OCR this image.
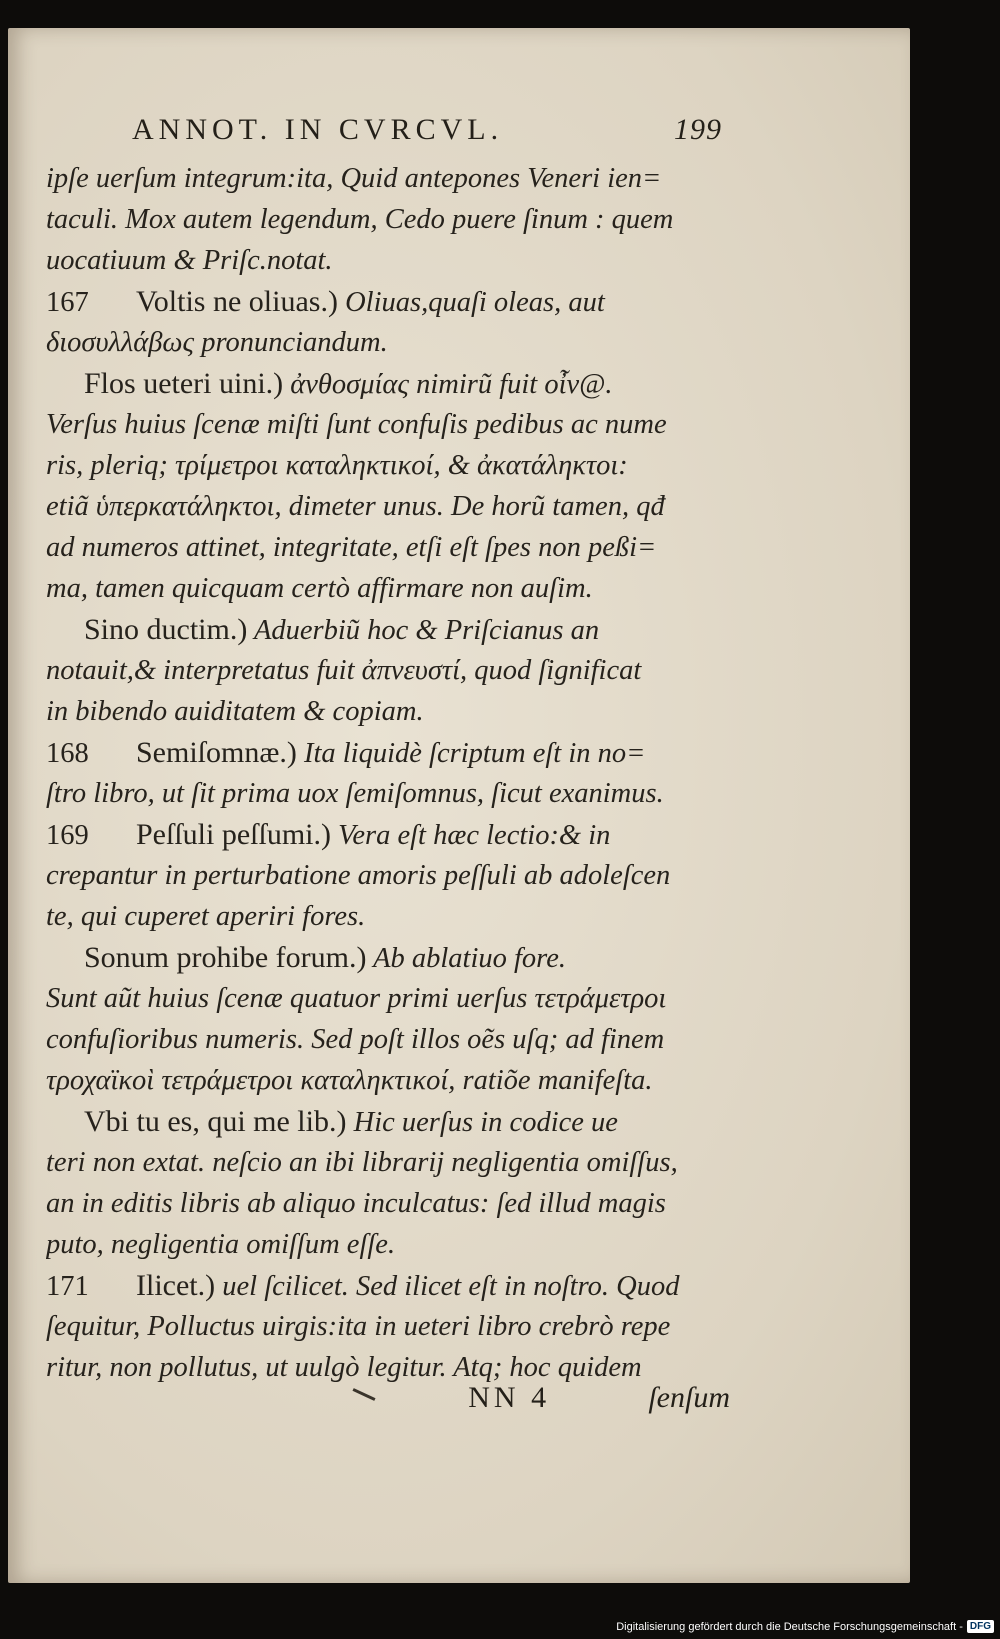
ANNOT. IN CVRCVL.	199
ipſe uerſum integrum:ita, Quid antepones Veneri ien=
taculi. Mox autem legendum, Cedo puere ſinum : quem
uocatiuum & Priſc.notat.
167 Voltis ne oliuas.) Oliuas,quaſi oleas, aut
διοσυλλάβως pronunciandum.
Flos ueteri uini.) ἀνθοσμίας nimirũ fuit οἶν@.
Verſus huius ſcenæ miſti ſunt confuſis pedibus ac nume
ris, pleriq; τρίμετροι καταληκτικοί, & ἀκατάληκτοι:
etiã ὑπερκατάληκτοι, dimeter unus. De horũ tamen, qđ
ad numeros attinet, integritate, etſi eſt ſpes non peßi=
ma, tamen quicquam certò affirmare non auſim.
Sino ductim.) Aduerbiũ hoc & Priſcianus an
notauit,& interpretatus fuit ἀπνευστί, quod ſignificat
in bibendo auiditatem & copiam.
168 Semiſomnæ.) Ita liquidè ſcriptum eſt in no=
ſtro libro, ut ſit prima uox ſemiſomnus, ſicut exanimus.
169 Peſſuli peſſumi.) Vera eſt hæc lectio:& in
crepantur in perturbatione amoris peſſuli ab adoleſcen
te, qui cuperet aperiri fores.
Sonum prohibe forum.) Ab ablatiuo fore.
Sunt aũt huius ſcenæ quatuor primi uerſus τετράμετροι
confuſioribus numeris. Sed poſt illos oẽs uſq; ad finem
τροχαϊκοὶ τετράμετροι καταληκτικοί, ratiõe manifeſta.
Vbi tu es, qui me lib.) Hic uerſus in codice ue
teri non extat. neſcio an ibi librarij negligentia omiſſus,
an in editis libris ab aliquo inculcatus: ſed illud magis
puto, negligentia omiſſum eſſe.
171 Ilicet.) uel ſcilicet. Sed ilicet eſt in noſtro. Quod
ſequitur, Polluctus uirgis:ita in ueteri libro crebrò repe
ritur, non pollutus, ut uulgò legitur. Atq; hoc quidem
NN 4	ſenſum
Digitalisierung gefördert durch die Deutsche Forschungsgemeinschaft - DFG
